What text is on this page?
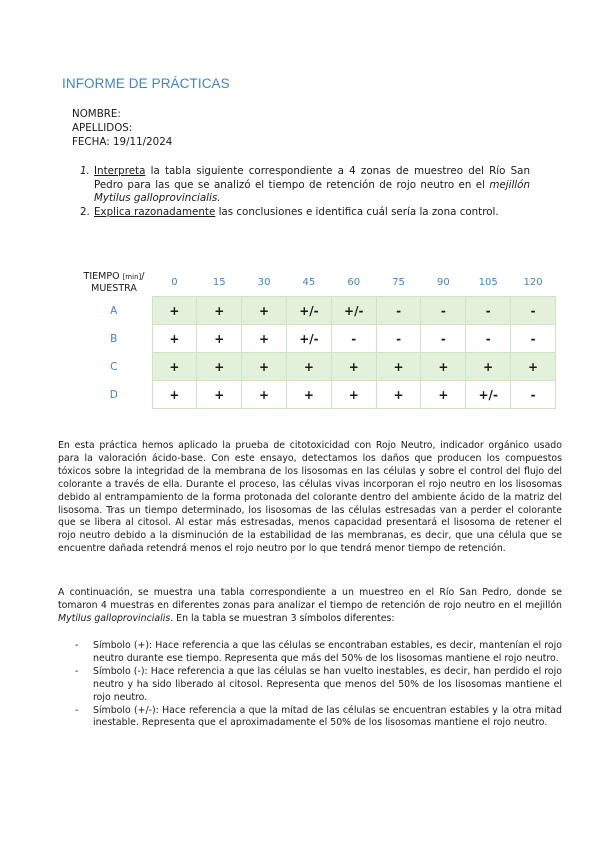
INFORME DE PRÁCTICAS
NOMBRE:
APELLIDOS:
FECHA: 19/11/2024
1. Interpreta la tabla siguiente correspondiente a 4 zonas de muestreo del Río San Pedro para las que se analizó el tiempo de retención de rojo neutro en el mejillón Mytilus galloprovincialis.
2. Explica razonadamente las conclusiones e identifica cuál sería la zona control.
TIEMPO [min]/
MUESTRA	0	15	30	45	60	75	90	105	120
A	+	+	+	+/-	+/-	-	-	-	-
B	+	+	+	+/-	-	-	-	-	-
C	+	+	+	+	+	+	+	+	+
D	+	+	+	+	+	+	+	+/-	-

En esta práctica hemos aplicado la prueba de citotoxicidad con Rojo Neutro, indicador orgánico usado para la valoración ácido-base. Con este ensayo, detectamos los daños que producen los compuestos tóxicos sobre la integridad de la membrana de los lisosomas en las células y sobre el control del flujo del colorante a través de ella. Durante el proceso, las células vivas incorporan el rojo neutro en los lisosomas debido al entrampamiento de la forma protonada del colorante dentro del ambiente ácido de la matriz del lisosoma. Tras un tiempo determinado, los lisosomas de las células estresadas van a perder el colorante que se libera al citosol. Al estar más estresadas, menos capacidad presentará el lisosoma de retener el rojo neutro debido a la disminución de la estabilidad de las membranas, es decir, que una célula que se encuentre dañada retendrá menos el rojo neutro por lo que tendrá menor tiempo de retención.

A continuación, se muestra una tabla correspondiente a un muestreo en el Río San Pedro, donde se tomaron 4 muestras en diferentes zonas para analizar el tiempo de retención de rojo neutro en el mejillón Mytilus galloprovincialis. En la tabla se muestran 3 símbolos diferentes:

-	Símbolo (+): Hace referencia a que las células se encontraban estables, es decir, mantenían el rojo neutro durante ese tiempo. Representa que más del 50% de los lisosomas mantiene el rojo neutro.
-	Símbolo (-): Hace referencia a que las células se han vuelto inestables, es decir, han perdido el rojo neutro y ha sido liberado al citosol. Representa que menos del 50% de los lisosomas mantiene el rojo neutro.
-	Símbolo (+/-): Hace referencia a que la mitad de las células se encuentran estables y la otra mitad inestable. Representa que el aproximadamente el 50% de los lisosomas mantiene el rojo neutro.
